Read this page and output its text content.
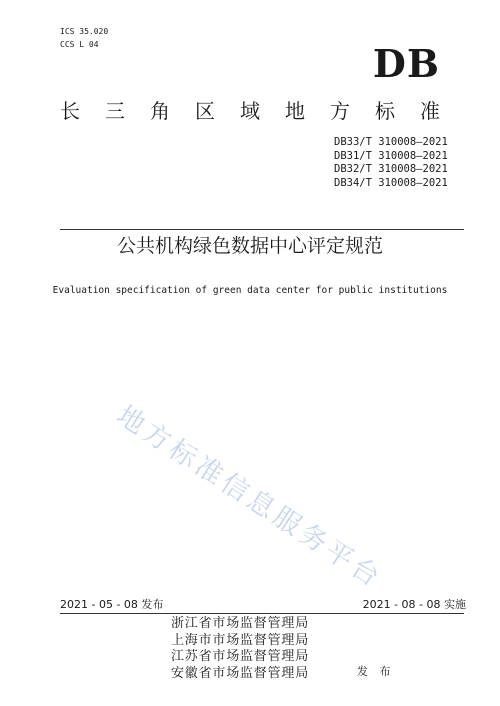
ICS 35.020
CCS L 04	DB
长 三 角 区 域 地 方 标 准
DB33/T 310008—2021
DB31/T 310008—2021
DB32/T 310008—2021
DB34/T 310008—2021
公共机构绿色数据中心评定规范
Evaluation specification of green data center for public institutions
地方标准信息服务平台
2021 - 05 - 08 发布	2021 - 08 - 08 实施
浙江省市场监督管理局
上海市市场监督管理局
江苏省市场监督管理局
安徽省市场监督管理局	发 布
